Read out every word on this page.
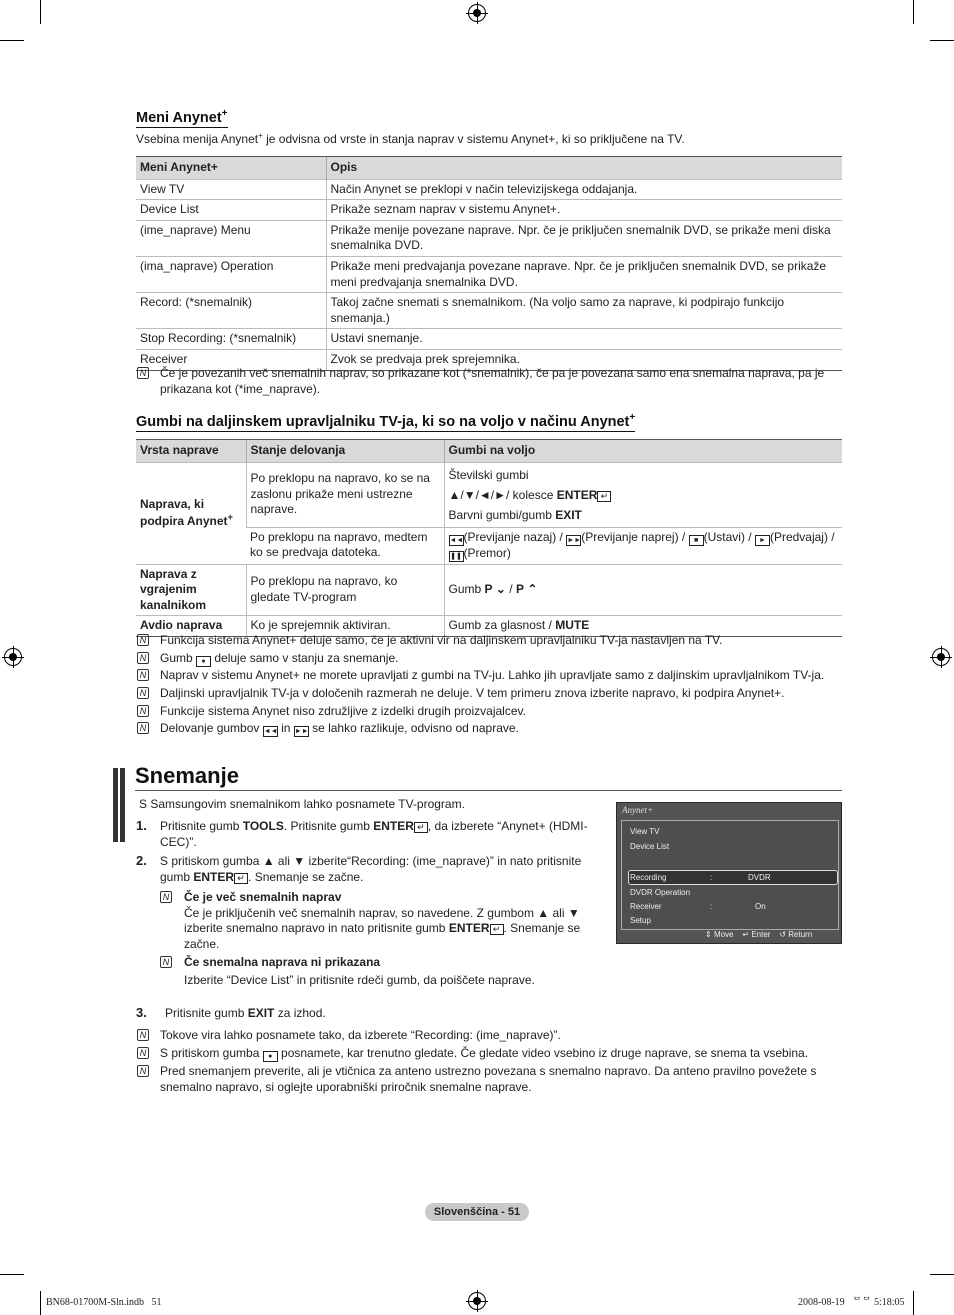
Meni Anynet+
Vsebina menija Anynet+ je odvisna od vrste in stanja naprav v sistemu Anynet+, ki so priključene na TV.
Meni Anynet+	Opis
View TV	Način Anynet se preklopi v način televizijskega oddajanja.
Device List	Prikaže seznam naprav v sistemu Anynet+.
(ime_naprave) Menu	Prikaže menije povezane naprave. Npr. če je priključen snemalnik DVD, se prikaže meni diska snemalnika DVD.
(ima_naprave) Operation	Prikaže meni predvajanja povezane naprave. Npr. če je priključen snemalnik DVD, se prikaže meni predvajanja snemalnika DVD.
Record: (*snemalnik)	Takoj začne snemati s snemalnikom. (Na voljo samo za naprave, ki podpirajo funkcijo snemanja.)
Stop Recording: (*snemalnik)	Ustavi snemanje.
Receiver	Zvok se predvaja prek sprejemnika.
N Če je povezanih več snemalnih naprav, so prikazane kot (*snemalnik), če pa je povezana samo ena snemalna naprava, pa je prikazana kot (*ime_naprave).
Gumbi na daljinskem upravljalniku TV-ja, ki so na voljo v načinu Anynet+
Vrsta naprave	Stanje delovanja	Gumbi na voljo
Naprava, ki podpira Anynet+	Po preklopu na napravo, ko se na zaslonu prikaže meni ustrezne naprave.	Številski gumbi
▲/▼/◄/►/ kolesce ENTER ↵
Barvni gumbi/gumb EXIT

	Po preklopu na napravo, medtem ko se predvaja datoteka.	◄◄(Previjanje nazaj) / ►►(Previjanje naprej) / ■ (Ustavi) / ► (Predvajaj) / ❚❚ (Premor)
Naprava z vgrajenim kanalnikom	Po preklopu na napravo, ko gledate TV-program	Gumb P ⌄ / P ⌃
Avdio naprava	Ko je sprejemnik aktiviran.	Gumb za glasnost / MUTE
N Funkcija sistema Anynet+ deluje samo, če je aktivni vir na daljinskem upravljalniku TV-ja nastavljen na TV.
N Gumb ● deluje samo v stanju za snemanje.
N Naprav v sistemu Anynet+ ne morete upravljati z gumbi na TV-ju. Lahko jih upravljate samo z daljinskim upravljalnikom TV-ja.
N Daljinski upravljalnik TV-ja v določenih razmerah ne deluje. V tem primeru znova izberite napravo, ki podpira Anynet+.
N Funkcije sistema Anynet niso združljive z izdelki drugih proizvajalcev.
N Delovanje gumbov ◄◄ in ►► se lahko razlikuje, odvisno od naprave.
Snemanje
S Samsungovim snemalnikom lahko posnamete TV-program.
1. Pritisnite gumb TOOLS. Pritisnite gumb ENTER ↵ , da izberete “Anynet+ (HDMI-CEC)”.
2. S pritiskom gumba ▲ ali ▼ izberite“Recording: (ime_naprave)” in nato pritisnite gumb ENTER ↵ . Snemanje se začne.
N Če je več snemalnih naprav
Če je priključenih več snemalnih naprav, so navedene. Z gumbom ▲ ali ▼ izberite snemalno napravo in nato pritisnite gumb ENTER ↵ . Snemanje se začne.
N Če snemalna naprava ni prikazana
Izberite “Device List” in pritisnite rdeči gumb, da poiščete naprave.
3. Pritisnite gumb EXIT za izhod.
N Tokove vira lahko posnamete tako, da izberete “Recording: (ime_naprave)”.
N S pritiskom gumba ● posnamete, kar trenutno gledate. Če gledate video vsebino iz druge naprave, se snema ta vsebina.
N Pred snemanjem preverite, ali je vtičnica za anteno ustrezno povezana s snemalno napravo. Da anteno pravilno povežete s snemalno napravo, si oglejte uporabniški priročnik snemalne naprave.
Anynet+
View TV
Device List
Recording	:	DVDR
DVDR Operation
Receiver	:	On
Setup
⇕ Move ↵ Enter ↺ Return
Slovenščina - 51
BN68-01700M-Sln.indb   51	2008-08-19   ᄆᄆ 5:18:05
